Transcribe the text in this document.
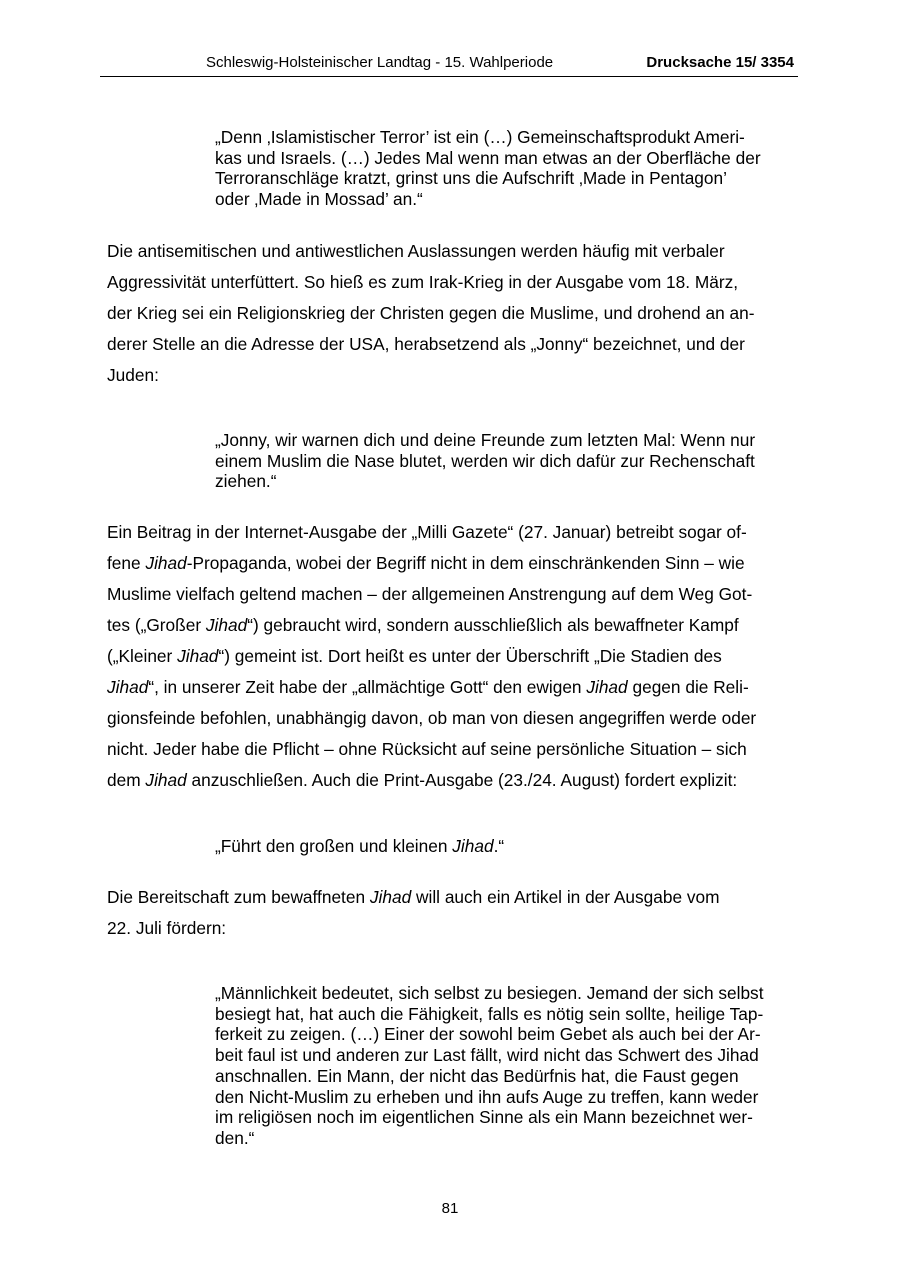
Schleswig-Holsteinischer Landtag - 15. Wahlperiode	Drucksache 15/ 3354
„Denn ‚Islamistischer Terror’ ist ein (…) Gemeinschaftsprodukt Ameri-
kas und Israels. (…) Jedes Mal wenn man etwas an der Oberfläche der
Terroranschläge kratzt, grinst uns die Aufschrift ‚Made in Pentagon’
oder ‚Made in Mossad’ an.“
Die antisemitischen und antiwestlichen Auslassungen werden häufig mit verbaler
Aggressivität unterfüttert. So hieß es zum Irak-Krieg in der Ausgabe vom 18. März,
der Krieg sei ein Religionskrieg der Christen gegen die Muslime, und drohend an an-
derer Stelle an die Adresse der USA, herabsetzend als „Jonny“ bezeichnet, und der
Juden:
„Jonny, wir warnen dich und deine Freunde zum letzten Mal: Wenn nur
einem Muslim die Nase blutet, werden wir dich dafür zur Rechenschaft
ziehen.“
Ein Beitrag in der Internet-Ausgabe der „Milli Gazete“ (27. Januar) betreibt sogar of-
fene Jihad-Propaganda, wobei der Begriff nicht in dem einschränkenden Sinn – wie
Muslime vielfach geltend machen – der allgemeinen Anstrengung auf dem Weg Got-
tes („Großer Jihad“) gebraucht wird, sondern ausschließlich als bewaffneter Kampf
(„Kleiner Jihad“) gemeint ist. Dort heißt es unter der Überschrift „Die Stadien des
Jihad“, in unserer Zeit habe der „allmächtige Gott“ den ewigen Jihad gegen die Reli-
gionsfeinde befohlen, unabhängig davon, ob man von diesen angegriffen werde oder
nicht. Jeder habe die Pflicht – ohne Rücksicht auf seine persönliche Situation – sich
dem Jihad anzuschließen. Auch die Print-Ausgabe (23./24. August) fordert explizit:
„Führt den großen und kleinen Jihad.“
Die Bereitschaft zum bewaffneten Jihad will auch ein Artikel in der Ausgabe vom
22. Juli fördern:
„Männlichkeit bedeutet, sich selbst zu besiegen. Jemand der sich selbst
besiegt hat, hat auch die Fähigkeit, falls es nötig sein sollte, heilige Tap-
ferkeit zu zeigen. (…) Einer der sowohl beim Gebet als auch bei der Ar-
beit faul ist und anderen zur Last fällt, wird nicht das Schwert des Jihad
anschnallen. Ein Mann, der nicht das Bedürfnis hat, die Faust gegen
den Nicht-Muslim zu erheben und ihn aufs Auge zu treffen, kann weder
im religiösen noch im eigentlichen Sinne als ein Mann bezeichnet wer-
den.“
81
